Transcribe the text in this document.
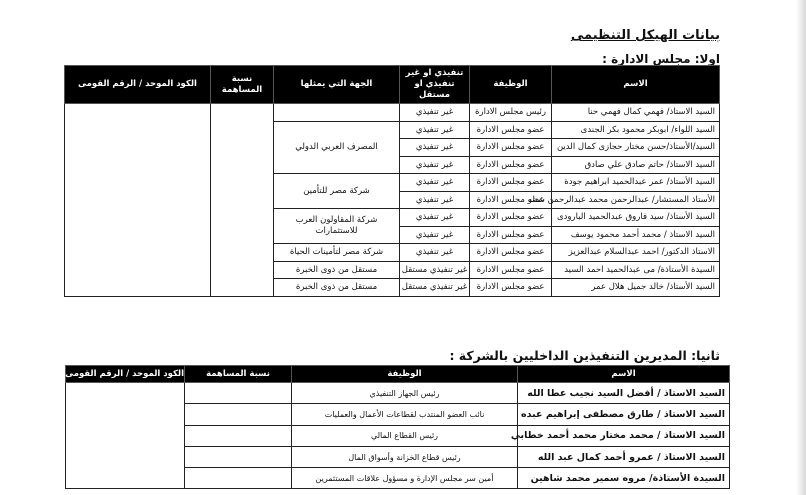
بيانات الهيكل التنظيمى
اولا: مجلس الادارة :
الاسم	الوظيفة	تنفيذي او غير تنفيذي او مستقل	الجهة التي يمثلها	نسبة المساهمة	الكود الموحد / الرقم القومى
السيد الاستاذ/ فهمي كمال فهمي حنا	رئيس مجلس الادارة	غير تنفيذي			
السيد اللواء/ ابوبكر محمود بكر الجندى	عضو مجلس الادارة	غير تنفيذي	المصرف العربي الدولي		
السيد/الأستاذ/حسن مختار حجازى كمال الدين	عضو مجلس الادارة	غير تنفيذي			
السيد الاستاذ/ حاتم صادق علي صادق	عضو مجلس الادارة	غير تنفيذي			
السيد الأستاذ/ عمر عبدالحميد ابراهيم جودة	عضو مجلس الادارة	غير تنفيذي	شركة مصر للتأمين		
الأستاذ المستشار/ عبدالرحمن محمد عبدالرحمن شتله	عضو مجلس الادارة	غير تنفيذي			
السيد الأستاذ/ سيد فاروق عبدالحميد البارودى	عضو مجلس الادارة	غير تنفيذي	شركة المقاولون العرب للاستثمارات		
السيد الاستاذ / محمد أحمد محمود يوسف	عضو مجلس الادارة	غير تنفيذي			
الاستاذ الدكتور/ احمد عبدالسلام عبدالعزيز	عضو مجلس الادارة	غير تنفيذي	شركة مصر لتأمينات الحياة		
السيدة الأستاذة/ مى عبدالحميد احمد السيد	عضو مجلس الادارة	غير تنفيذي مستقل	مستقل من ذوى الخبرة		
السيد الأستاذ/ خالد جميل هلال عمر	عضو مجلس الادارة	غير تنفيذي مستقل	مستقل من ذوى الخبرة		
ثانيا: المديرين التنفيذين الداخليين بالشركة :
الاسم	الوظيفة	نسبة المساهمة	الكود الموحد / الرقم القومى
السيد الاستاذ / أفضل السيد نجيب عطا الله	رئيس الجهاز التنفيذي		
السيد الاستاذ / طارق مصطفى إبراهيم عبده	نائب العضو المنتدب لقطاعات الأعمال والعمليات		
السيد الاستاذ / محمد مختار محمد أحمد خطابي	رئيس القطاع المالي		
السيد الاستاذ / عمرو أحمد كمال عبد الله	رئيس قطاع الخزانة وأسواق المال		
السيدة الأستاذة/ مروه سمير محمد شاهين	أمين سر مجلس الإدارة و مسؤول علاقات المستثمرين		
